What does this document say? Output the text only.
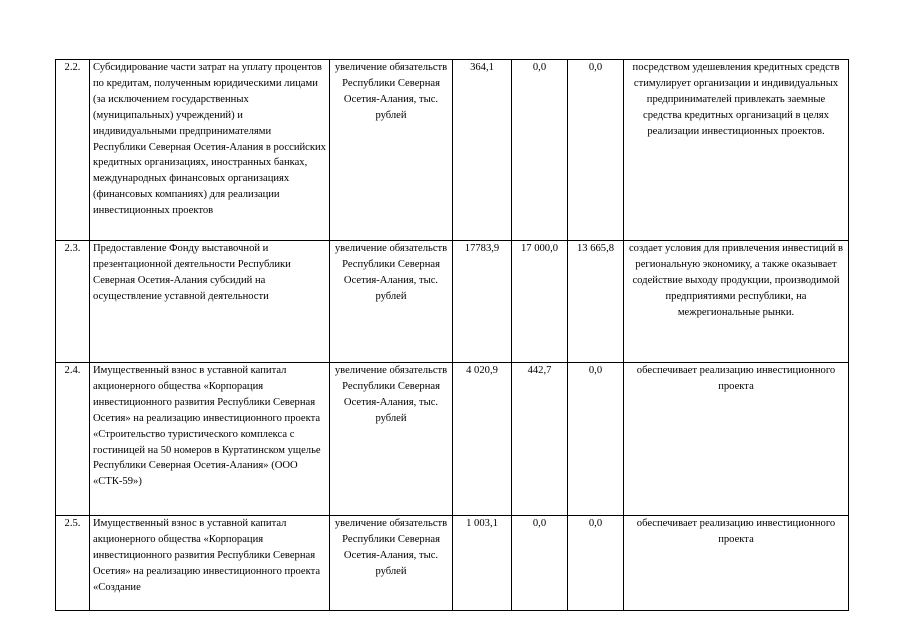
2.2.	Субсидирование части затрат на уплату процентов по кредитам, полученным юридическими лицами (за исключением государственных (муниципальных) учреждений) и индивидуальными предпринимателями Республики Северная Осетия-Алания в российских кредитных организациях, иностранных банках, международных финансовых организациях (финансовых компаниях) для реализации инвестиционных проектов	увеличение обязательств Республики Северная Осетия-Алания, тыс. рублей	364,1	0,0	0,0	посредством удешевления кредитных средств стимулирует организации и индивидуальных предпринимателей привлекать заемные средства кредитных организаций в целях реализации инвестиционных проектов.
2.3.	Предоставление Фонду выставочной и презентационной деятельности Республики Северная Осетия-Алания субсидий на осуществление уставной деятельности	увеличение обязательств Республики Северная Осетия-Алания, тыс. рублей	17783,9	17 000,0	13 665,8	создает условия для привлечения инвестиций в региональную экономику, а также оказывает содействие выходу продукции, производимой предприятиями республики, на межрегиональные рынки.
2.4.	Имущественный взнос в уставной капитал акционерного общества «Корпорация инвестиционного развития Республики Северная Осетия» на реализацию инвестиционного проекта «Строительство туристического комплекса с гостиницей на 50 номеров в Куртатинском ущелье Республики Северная Осетия-Алания» (ООО «СТК-59»)	увеличение обязательств Республики Северная Осетия-Алания, тыс. рублей	4 020,9	442,7	0,0	обеспечивает реализацию инвестиционного проекта
2.5.	Имущественный взнос в уставной капитал акционерного общества «Корпорация инвестиционного развития Республики Северная Осетия» на реализацию инвестиционного проекта «Создание	увеличение обязательств Республики Северная Осетия-Алания, тыс. рублей	1 003,1	0,0	0,0	обеспечивает реализацию инвестиционного проекта
